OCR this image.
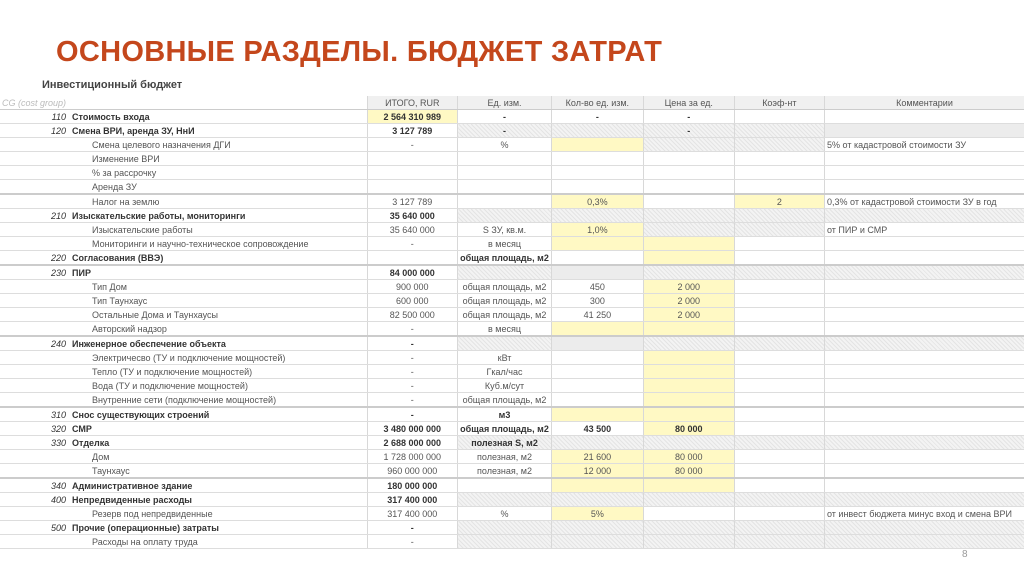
ОСНОВНЫЕ РАЗДЕЛЫ. БЮДЖЕТ ЗАТРАТ
Инвестиционный бюджет
CG (cost group)		ИТОГО, RUR	Ед. изм.	Кол-во ед. изм.	Цена за ед.	Коэф-нт	Комментарии
110	Стоимость входа	2 564 310 989	-	-	-		
120	Смена ВРИ, аренда ЗУ, НнИ	3 127 789	-		-		
	Смена целевого назначения ДГИ	-	%				5% от кадастровой стоимости ЗУ
	Изменение ВРИ						
	% за рассрочку						
	Аренда ЗУ						
	Налог на землю	3 127 789		0,3%		2	0,3% от кадастровой стоимости ЗУ в год
210	Изыскательские работы, мониторинги	35 640 000					
	Изыскательские работы	35 640 000	S ЗУ, кв.м.	1,0%			от ПИР и СМР
	Мониторинги и научно-техническое сопровождение	-	в месяц				
220	Согласования (ВВЭ)		общая площадь, м2				
230	ПИР	84 000 000					
	Тип Дом	900 000	общая площадь, м2	450	2 000		
	Тип Таунхаус	600 000	общая площадь, м2	300	2 000		
	Остальные Дома и Таунхаусы	82 500 000	общая площадь, м2	41 250	2 000		
	Авторский надзор	-	в месяц				
240	Инженерное обеспечение объекта	-					
	Электричесво (ТУ и подключение мощностей)	-	кВт				
	Тепло (ТУ и подключение мощностей)	-	Гкал/час				
	Вода (ТУ и подключение мощностей)	-	Куб.м/сут				
	Внутренние сети (подключение мощностей)	-	общая площадь, м2				
310	Снос существующих строений	-	м3				
320	СМР	3 480 000 000	общая площадь, м2	43 500	80 000		
330	Отделка	2 688 000 000	полезная S, м2				
	Дом	1 728 000 000	полезная, м2	21 600	80 000		
	Таунхаус	960 000 000	полезная, м2	12 000	80 000		
340	Административное здание	180 000 000					
400	Непредвиденные расходы	317 400 000					
	Резерв под непредвиденные	317 400 000	%	5%			от инвест бюджета минус вход и смена ВРИ
500	Прочие (операционные) затраты	-					
	Расходы на оплату труда	-					
8
